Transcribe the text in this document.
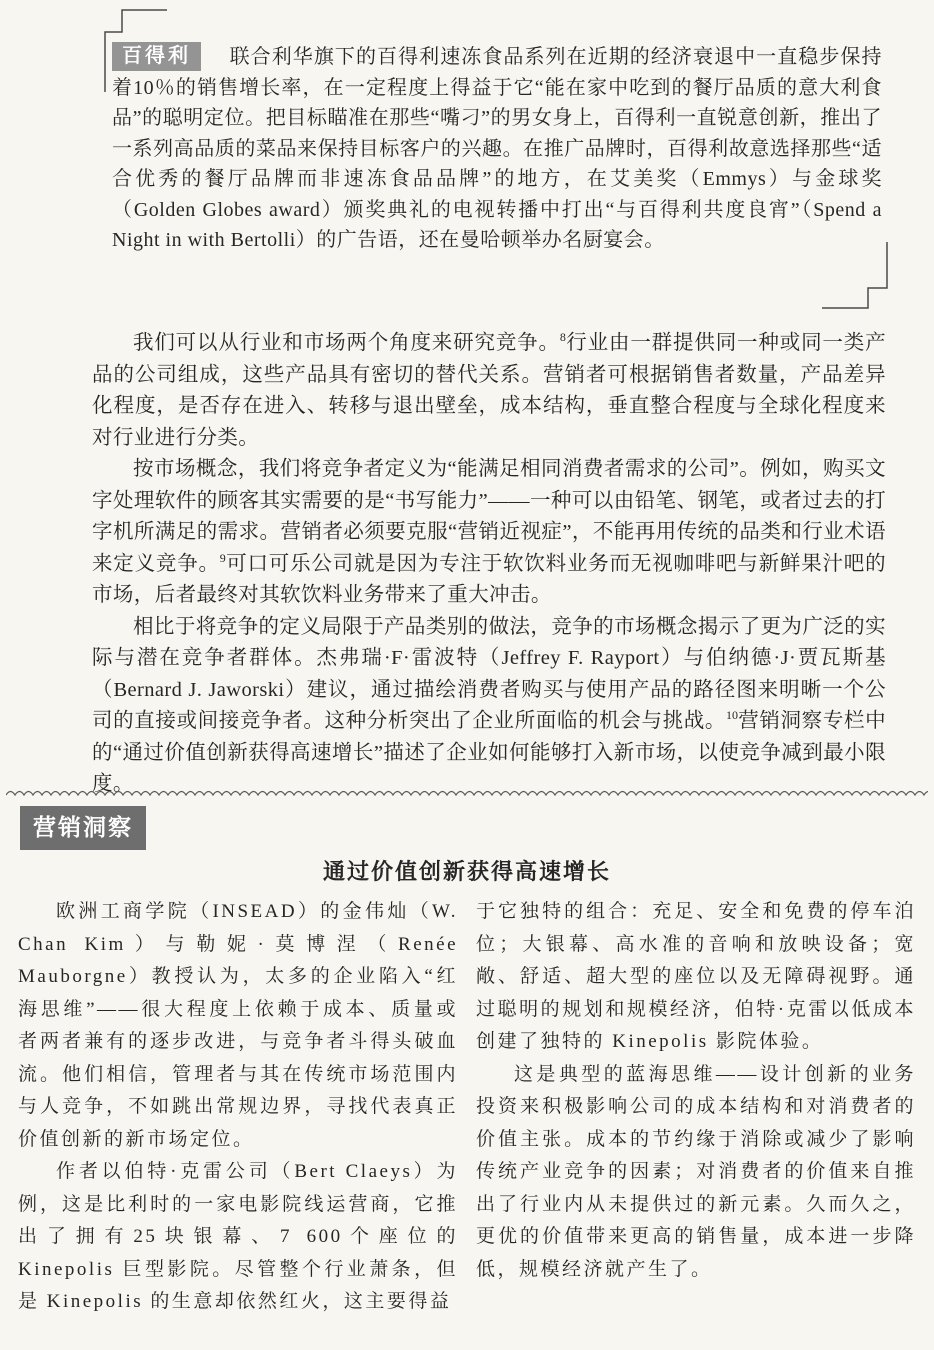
百得利 联合利华旗下的百得利速冻食品系列在近期的经济衰退中一直稳步保持着10％的销售增长率，在一定程度上得益于它“能在家中吃到的餐厅品质的意大利食品”的聪明定位。把目标瞄准在那些“嘴刁”的男女身上，百得利一直锐意创新，推出了一系列高品质的菜品来保持目标客户的兴趣。在推广品牌时，百得利故意选择那些“适合优秀的餐厅品牌而非速冻食品品牌”的地方，在艾美奖（Emmys）与金球奖（Golden Globes award）颁奖典礼的电视转播中打出“与百得利共度良宵”（Spend a Night in with Bertolli）的广告语，还在曼哈顿举办名厨宴会。

我们可以从行业和市场两个角度来研究竞争。$^8$行业由一群提供同一种或同一类产品的公司组成，这些产品具有密切的替代关系。营销者可根据销售者数量，产品差异化程度，是否存在进入、转移与退出壁垒，成本结构，垂直整合程度与全球化程度来对行业进行分类。

按市场概念，我们将竞争者定义为“能满足相同消费者需求的公司”。例如，购买文字处理软件的顾客其实需要的是“书写能力”——一种可以由铅笔、钢笔，或者过去的打字机所满足的需求。营销者必须要克服“营销近视症”，不能再用传统的品类和行业术语来定义竞争。$^9$可口可乐公司就是因为专注于软饮料业务而无视咖啡吧与新鲜果汁吧的市场，后者最终对其软饮料业务带来了重大冲击。

相比于将竞争的定义局限于产品类别的做法，竞争的市场概念揭示了更为广泛的实际与潜在竞争者群体。杰弗瑞·F·雷波特（Jeffrey F. Rayport）与伯纳德·J·贾瓦斯基（Bernard J. Jaworski）建议，通过描绘消费者购买与使用产品的路径图来明晰一个公司的直接或间接竞争者。这种分析突出了企业所面临的机会与挑战。$^{10}$营销洞察专栏中的“通过价值创新获得高速增长”描述了企业如何能够打入新市场，以使竞争减到最小限度。

营销洞察
通过价值创新获得高速增长

欧洲工商学院（INSEAD）的金伟灿（W. Chan Kim）与勒妮·莫博涅（Renée Mauborgne）教授认为，太多的企业陷入“红海思维”——很大程度上依赖于成本、质量或者两者兼有的逐步改进，与竞争者斗得头破血流。他们相信，管理者与其在传统市场范围内与人竞争，不如跳出常规边界，寻找代表真正价值创新的新市场定位。

作者以伯特·克雷公司（Bert Claeys）为例，这是比利时的一家电影院线运营商，它推出了拥有25块银幕、7 600个座位的 Kinepolis 巨型影院。尽管整个行业萧条，但是 Kinepolis 的生意却依然红火，这主要得益

于它独特的组合：充足、安全和免费的停车泊位；大银幕、高水准的音响和放映设备；宽敞、舒适、超大型的座位以及无障碍视野。通过聪明的规划和规模经济，伯特·克雷以低成本创建了独特的 Kinepolis 影院体验。

这是典型的蓝海思维——设计创新的业务投资来积极影响公司的成本结构和对消费者的价值主张。成本的节约缘于消除或减少了影响传统产业竞争的因素；对消费者的价值来自推出了行业内从未提供过的新元素。久而久之，更优的价值带来更高的销售量，成本进一步降低，规模经济就产生了。
